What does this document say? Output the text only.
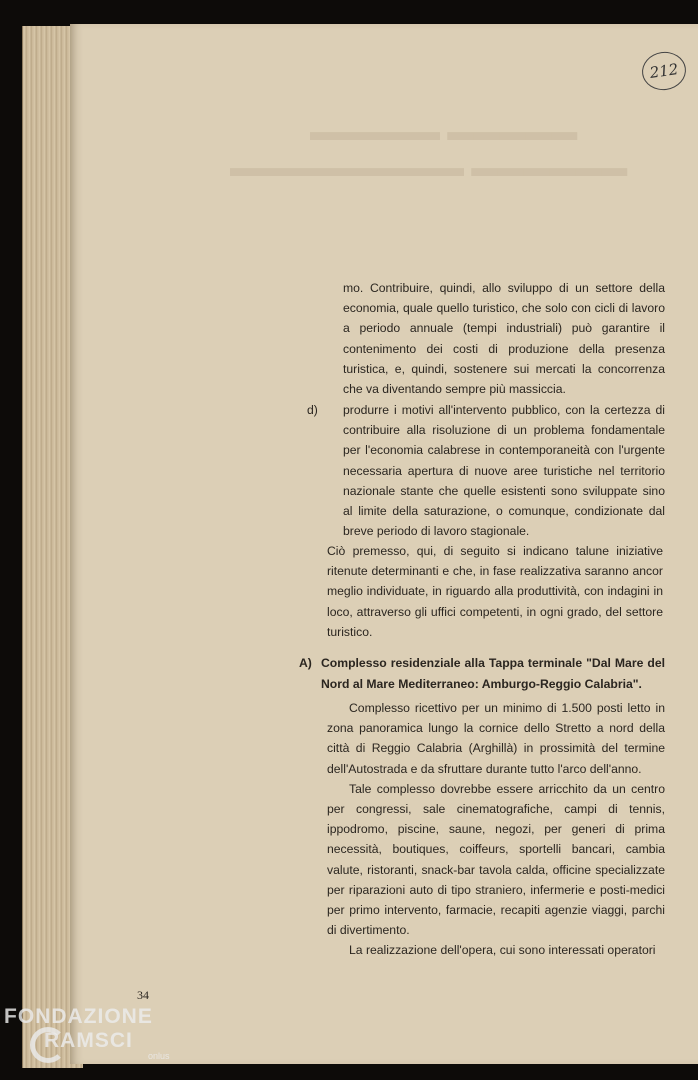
▬▬▬▬▬ ▬▬▬▬▬
▬▬▬▬▬▬▬▬▬ ▬▬▬▬▬▬
212

mo. Contribuire, quindi, allo sviluppo di un settore della economia, quale quello turistico, che solo con cicli di lavoro a periodo annuale (tempi industriali) può garantire il contenimento dei costi di produzione della presenza turistica, e, quindi, sostenere sui mercati la concorrenza che va diventando sempre più massiccia.

d) produrre i motivi all'intervento pubblico, con la certezza di contribuire alla risoluzione di un problema fondamentale per l'economia calabrese in contemporaneità con l'urgente necessaria apertura di nuove aree turistiche nel territorio nazionale stante che quelle esistenti sono sviluppate sino al limite della saturazione, o comunque, condizionate dal breve periodo di lavoro stagionale.

Ciò premesso, qui, di seguito si indicano talune iniziative ritenute determinanti e che, in fase realizzativa saranno ancor meglio individuate, in riguardo alla produttività, con indagini in loco, attraverso gli uffici competenti, in ogni grado, del settore turistico.

A) Complesso residenziale alla Tappa terminale "Dal Mare del Nord al Mare Mediterraneo: Amburgo-Reggio Calabria".

Complesso ricettivo per un minimo di 1.500 posti letto in zona panoramica lungo la cornice dello Stretto a nord della città di Reggio Calabria (Arghillà) in prossimità del termine dell'Autostrada e da sfruttare durante tutto l'arco dell'anno.

Tale complesso dovrebbe essere arricchito da un centro per congressi, sale cinematografiche, campi di tennis, ippodromo, piscine, saune, negozi, per generi di prima necessità, boutiques, coiffeurs, sportelli bancari, cambia valute, ristoranti, snack-bar tavola calda, officine specializzate per riparazioni auto di tipo straniero, infermerie e posti-medici per primo intervento, farmacie, recapiti agenzie viaggi, parchi di divertimento.

La realizzazione dell'opera, cui sono interessati operatori

34
FONDAZIONE
RAMSCI
onlus
